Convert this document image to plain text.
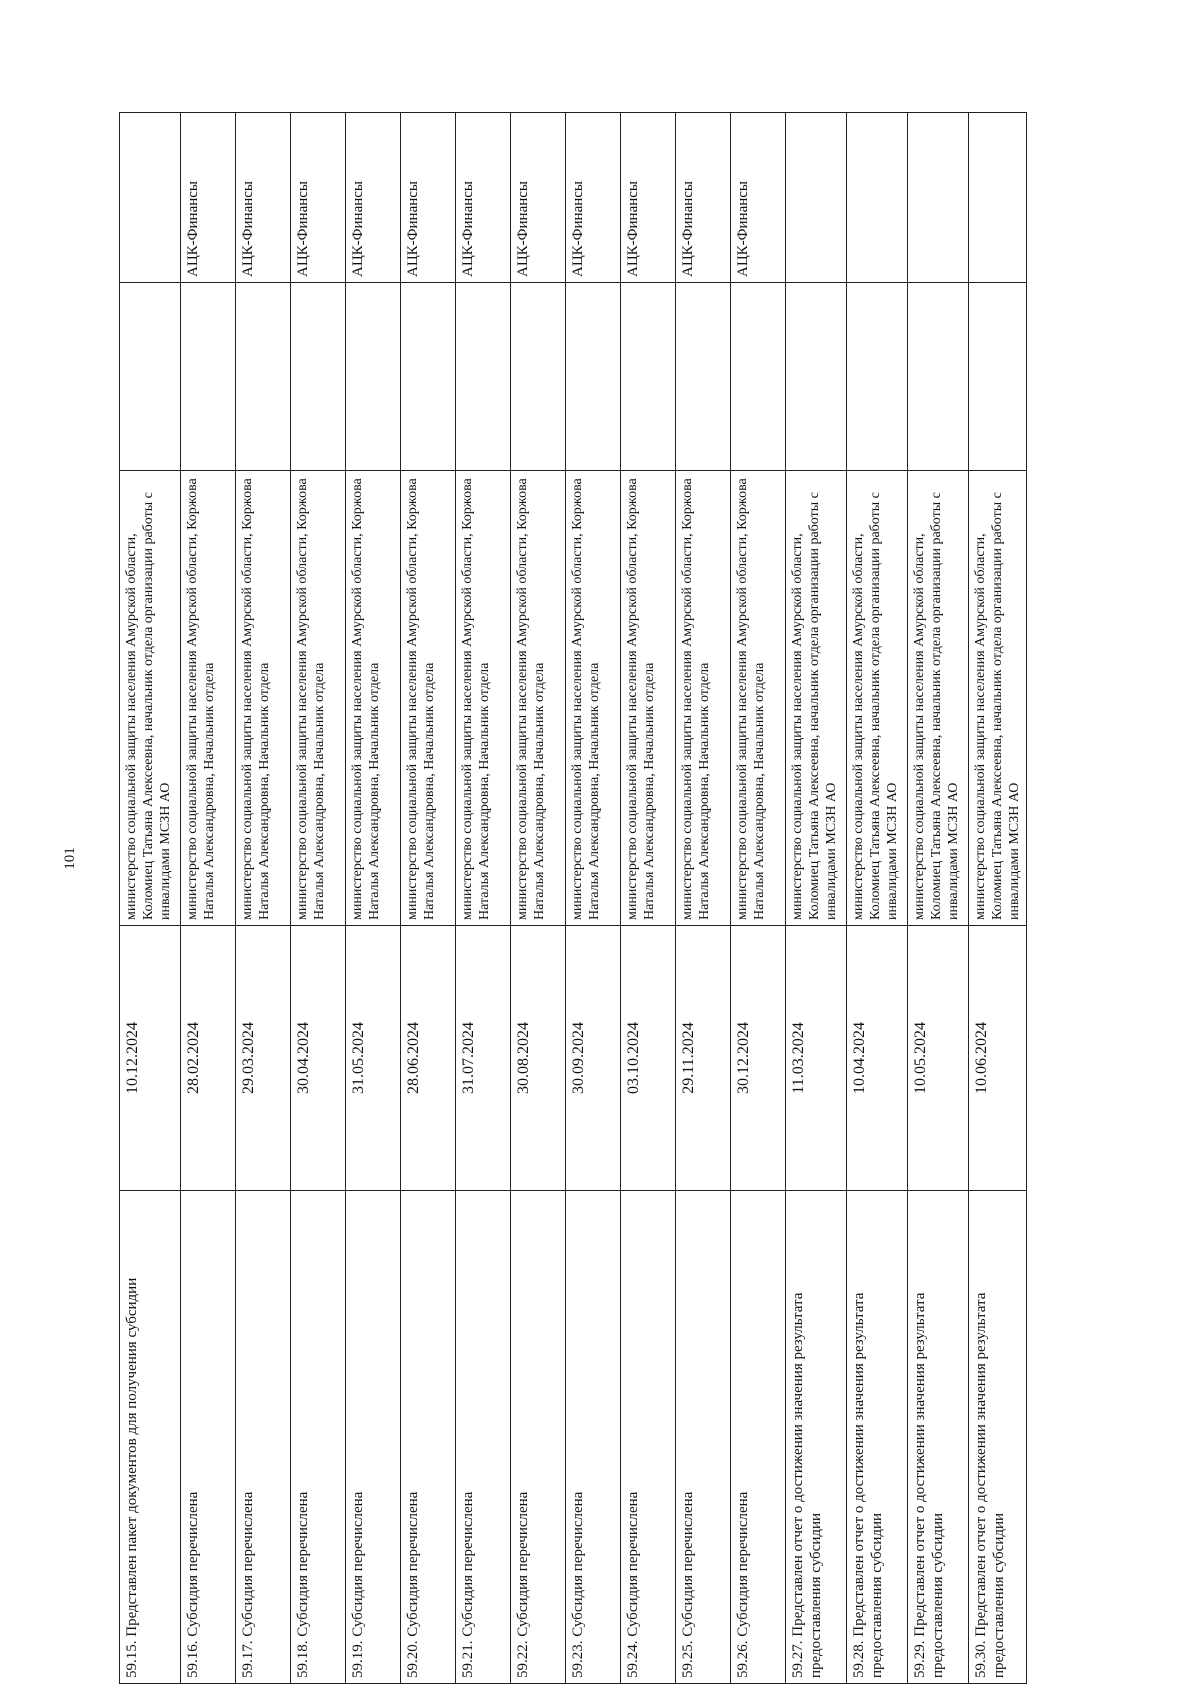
101
59.15. Представлен пакет документов для получения субсидии	10.12.2024	министерство социальной защиты населения Амурской области, Коломиец Татьяна Алексеевна, начальник отдела организации работы с инвалидами МСЗН АО		
59.16. Субсидия перечислена	28.02.2024	министерство социальной защиты населения Амурской области, Коржова Наталья Александровна, Начальник отдела		АЦК-Финансы
59.17. Субсидия перечислена	29.03.2024	министерство социальной защиты населения Амурской области, Коржова Наталья Александровна, Начальник отдела		АЦК-Финансы
59.18. Субсидия перечислена	30.04.2024	министерство социальной защиты населения Амурской области, Коржова Наталья Александровна, Начальник отдела		АЦК-Финансы
59.19. Субсидия перечислена	31.05.2024	министерство социальной защиты населения Амурской области, Коржова Наталья Александровна, Начальник отдела		АЦК-Финансы
59.20. Субсидия перечислена	28.06.2024	министерство социальной защиты населения Амурской области, Коржова Наталья Александровна, Начальник отдела		АЦК-Финансы
59.21. Субсидия перечислена	31.07.2024	министерство социальной защиты населения Амурской области, Коржова Наталья Александровна, Начальник отдела		АЦК-Финансы
59.22. Субсидия перечислена	30.08.2024	министерство социальной защиты населения Амурской области, Коржова Наталья Александровна, Начальник отдела		АЦК-Финансы
59.23. Субсидия перечислена	30.09.2024	министерство социальной защиты населения Амурской области, Коржова Наталья Александровна, Начальник отдела		АЦК-Финансы
59.24. Субсидия перечислена	03.10.2024	министерство социальной защиты населения Амурской области, Коржова Наталья Александровна, Начальник отдела		АЦК-Финансы
59.25. Субсидия перечислена	29.11.2024	министерство социальной защиты населения Амурской области, Коржова Наталья Александровна, Начальник отдела		АЦК-Финансы
59.26. Субсидия перечислена	30.12.2024	министерство социальной защиты населения Амурской области, Коржова Наталья Александровна, Начальник отдела		АЦК-Финансы
59.27. Представлен отчет о достижении значения результата предоставления субсидии	11.03.2024	министерство социальной защиты населения Амурской области, Коломиец Татьяна Алексеевна, начальник отдела организации работы с инвалидами МСЗН АО		
59.28. Представлен отчет о достижении значения результата предоставления субсидии	10.04.2024	министерство социальной защиты населения Амурской области, Коломиец Татьяна Алексеевна, начальник отдела организации работы с инвалидами МСЗН АО		
59.29. Представлен отчет о достижении значения результата предоставления субсидии	10.05.2024	министерство социальной защиты населения Амурской области, Коломиец Татьяна Алексеевна, начальник отдела организации работы с инвалидами МСЗН АО		
59.30. Представлен отчет о достижении значения результата предоставления субсидии	10.06.2024	министерство социальной защиты населения Амурской области, Коломиец Татьяна Алексеевна, начальник отдела организации работы с инвалидами МСЗН АО		
